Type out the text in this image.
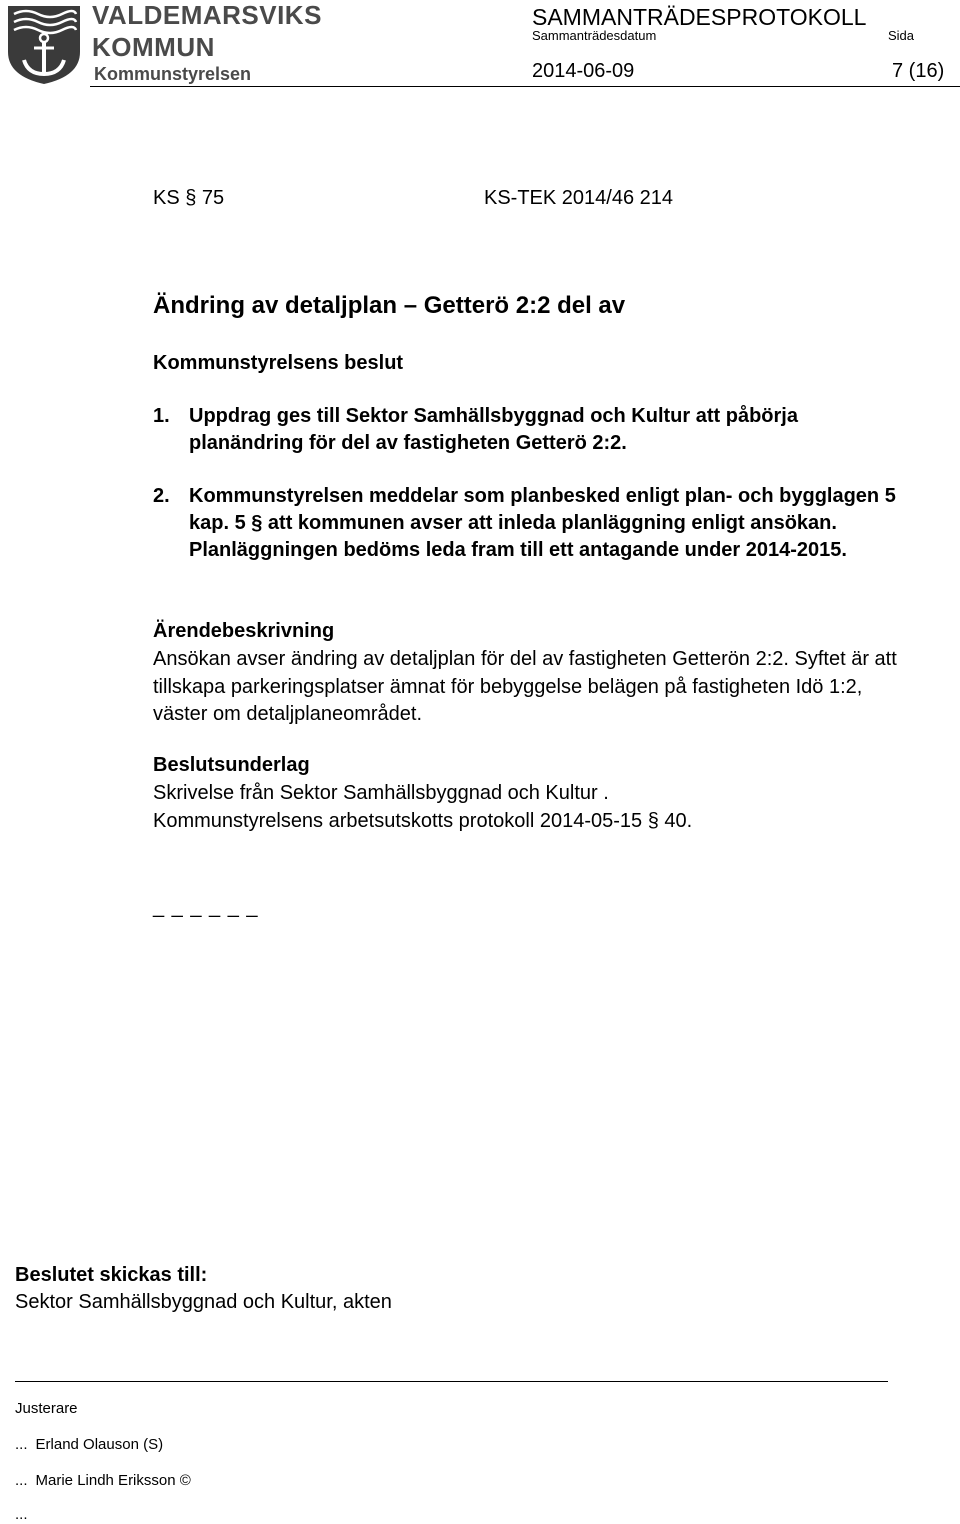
VALDEMARSVIKS
KOMMUN
Kommunstyrelsen
SAMMANTRÄDESPROTOKOLL
Sammanträdesdatum	Sida
2014-06-09	7 (16)
KS § 75	KS-TEK 2014/46 214
Ändring av detaljplan – Getterö 2:2 del av
Kommunstyrelsens beslut
1. Uppdrag ges till Sektor Samhällsbyggnad och Kultur att påbörja planändring för del av fastigheten Getterö 2:2.
2. Kommunstyrelsen meddelar som planbesked enligt plan- och bygglagen 5 kap. 5 § att kommunen avser att inleda planläggning enligt ansökan. Planläggningen bedöms leda fram till ett antagande under 2014-2015.
Ärendebeskrivning
Ansökan avser ändring av detaljplan för del av fastigheten Getterön 2:2. Syftet är att tillskapa parkeringsplatser ämnat för bebyggelse belägen på fastigheten Idö 1:2, väster om detaljplaneområdet.
Beslutsunderlag
Skrivelse från Sektor Samhällsbyggnad och Kultur .
Kommunstyrelsens arbetsutskotts protokoll 2014-05-15 § 40.
_ _ _ _ _ _
Beslutet skickas till:
Sektor Samhällsbyggnad och Kultur, akten
Justerare
... Erland Olauson (S)
... Marie Lindh Eriksson ©
...
